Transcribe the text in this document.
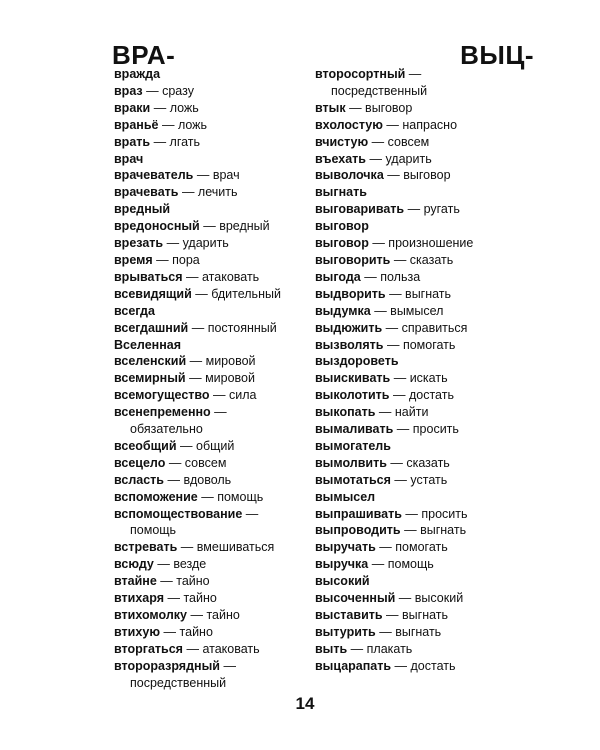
ВРА-	ВЫЦ-
вражда
враз — сразу
враки — ложь
враньё — ложь
врать — лгать
врач
врачеватель — врач
врачевать — лечить
вредный
вредоносный — вредный
врезать — ударить
время — пора
врываться — атаковать
всевидящий — бдительный
всегда
всегдашний — постоянный
Вселенная
вселенский — мировой
всемирный — мировой
всемогущество — сила
всенепременно —
обязательно
всеобщий — общий
всецело — совсем
всласть — вдоволь
вспоможение — помощь
вспомоществование —
помощь
встревать — вмешиваться
всюду — везде
втайне — тайно
втихаря — тайно
втихомолку — тайно
втихую — тайно
вторгаться — атаковать
второразрядный —
посредственный
второсортный —
посредственный
втык — выговор
вхолостую — напрасно
вчистую — совсем
въехать — ударить
выволочка — выговор
выгнать
выговаривать — ругать
выговор
выговор — произношение
выговорить — сказать
выгода — польза
выдворить — выгнать
выдумка — вымысел
выдюжить — справиться
вызволять — помогать
выздороветь
выискивать — искать
выколотить — достать
выкопать — найти
вымаливать — просить
вымогатель
вымолвить — сказать
вымотаться — устать
вымысел
выпрашивать — просить
выпроводить — выгнать
выручать — помогать
выручка — помощь
высокий
высоченный — высокий
выставить — выгнать
вытурить — выгнать
выть — плакать
выцарапать — достать
14
